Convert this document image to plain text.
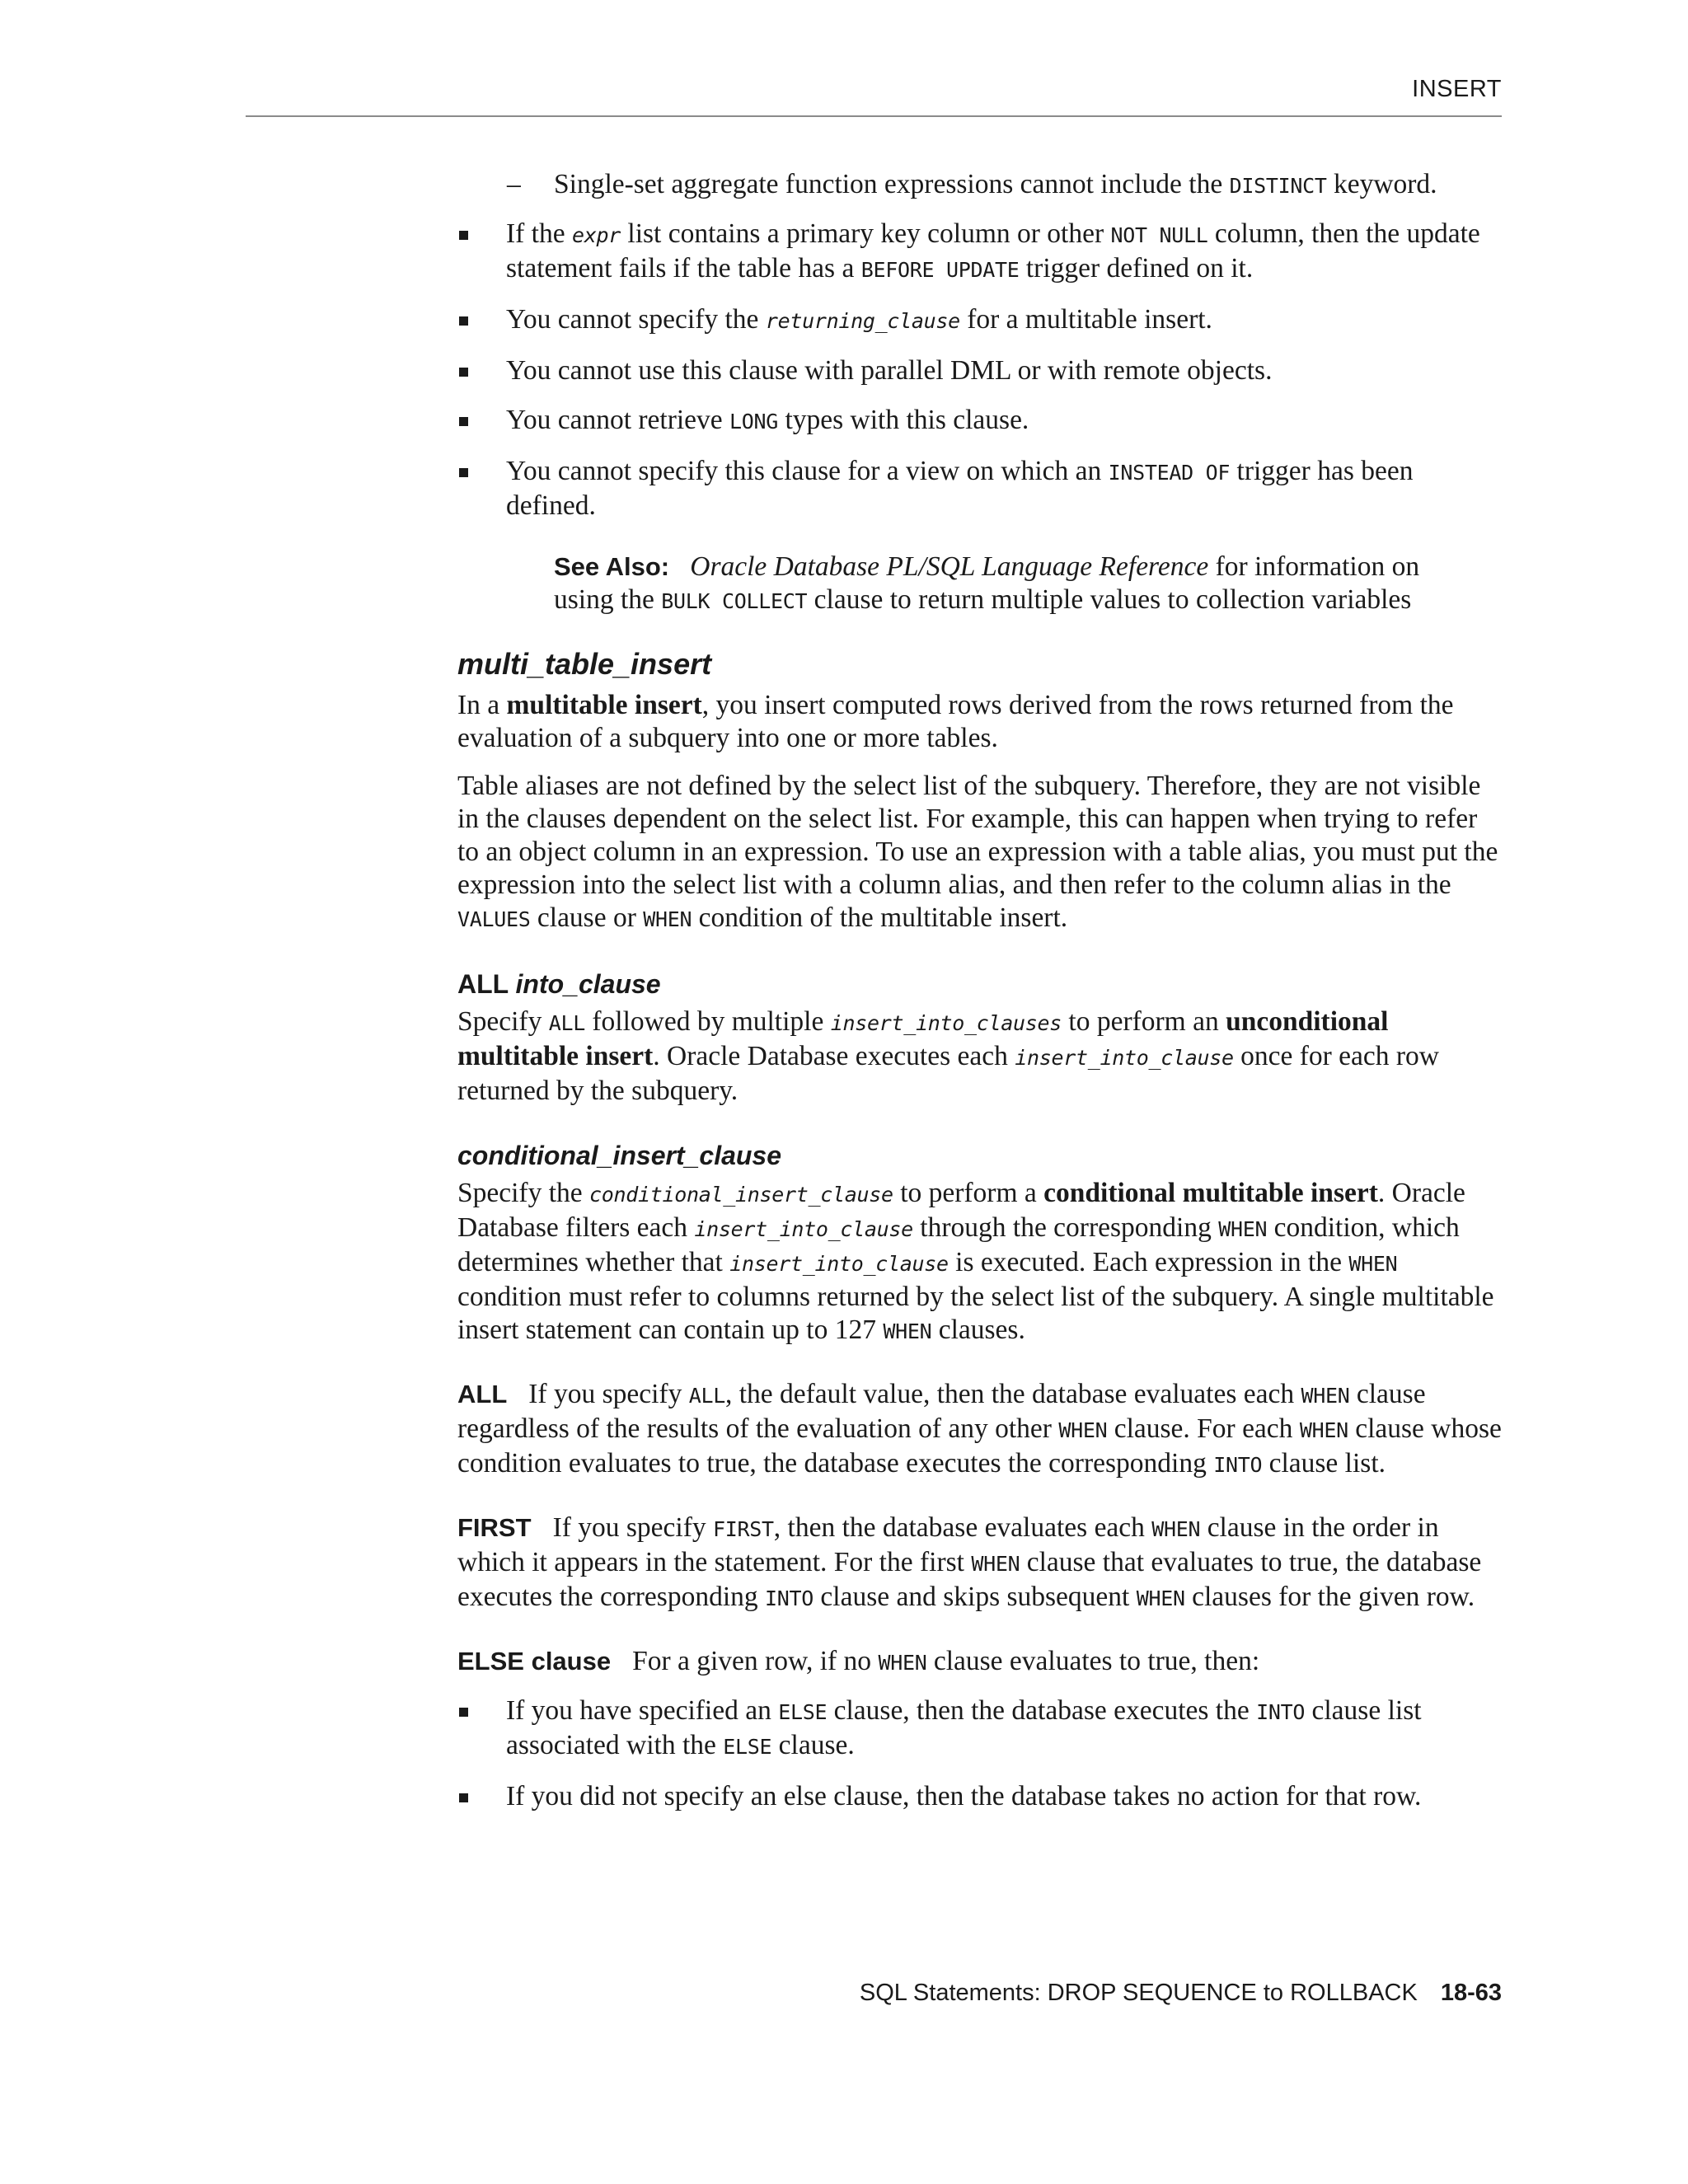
INSERT
– Single-set aggregate function expressions cannot include the DISTINCT keyword.
If the expr list contains a primary key column or other NOT NULL column, then the update statement fails if the table has a BEFORE UPDATE trigger defined on it.
You cannot specify the returning_clause for a multitable insert.
You cannot use this clause with parallel DML or with remote objects.
You cannot retrieve LONG types with this clause.
You cannot specify this clause for a view on which an INSTEAD OF trigger has been defined.
See Also: Oracle Database PL/SQL Language Reference for information on using the BULK COLLECT clause to return multiple values to collection variables
multi_table_insert

In a multitable insert, you insert computed rows derived from the rows returned from the evaluation of a subquery into one or more tables.

Table aliases are not defined by the select list of the subquery. Therefore, they are not visible in the clauses dependent on the select list. For example, this can happen when trying to refer to an object column in an expression. To use an expression with a table alias, you must put the expression into the select list with a column alias, and then refer to the column alias in the VALUES clause or WHEN condition of the multitable insert.

ALL into_clause

Specify ALL followed by multiple insert_into_clauses to perform an unconditional multitable insert. Oracle Database executes each insert_into_clause once for each row returned by the subquery.

conditional_insert_clause

Specify the conditional_insert_clause to perform a conditional multitable insert. Oracle Database filters each insert_into_clause through the corresponding WHEN condition, which determines whether that insert_into_clause is executed. Each expression in the WHEN condition must refer to columns returned by the select list of the subquery. A single multitable insert statement can contain up to 127 WHEN clauses.

ALL If you specify ALL, the default value, then the database evaluates each WHEN clause regardless of the results of the evaluation of any other WHEN clause. For each WHEN clause whose condition evaluates to true, the database executes the corresponding INTO clause list.

FIRST If you specify FIRST, then the database evaluates each WHEN clause in the order in which it appears in the statement. For the first WHEN clause that evaluates to true, the database executes the corresponding INTO clause and skips subsequent WHEN clauses for the given row.

ELSE clause For a given row, if no WHEN clause evaluates to true, then:

If you have specified an ELSE clause, then the database executes the INTO clause list associated with the ELSE clause.
If you did not specify an else clause, then the database takes no action for that row.
SQL Statements: DROP SEQUENCE to ROLLBACK 18-63
